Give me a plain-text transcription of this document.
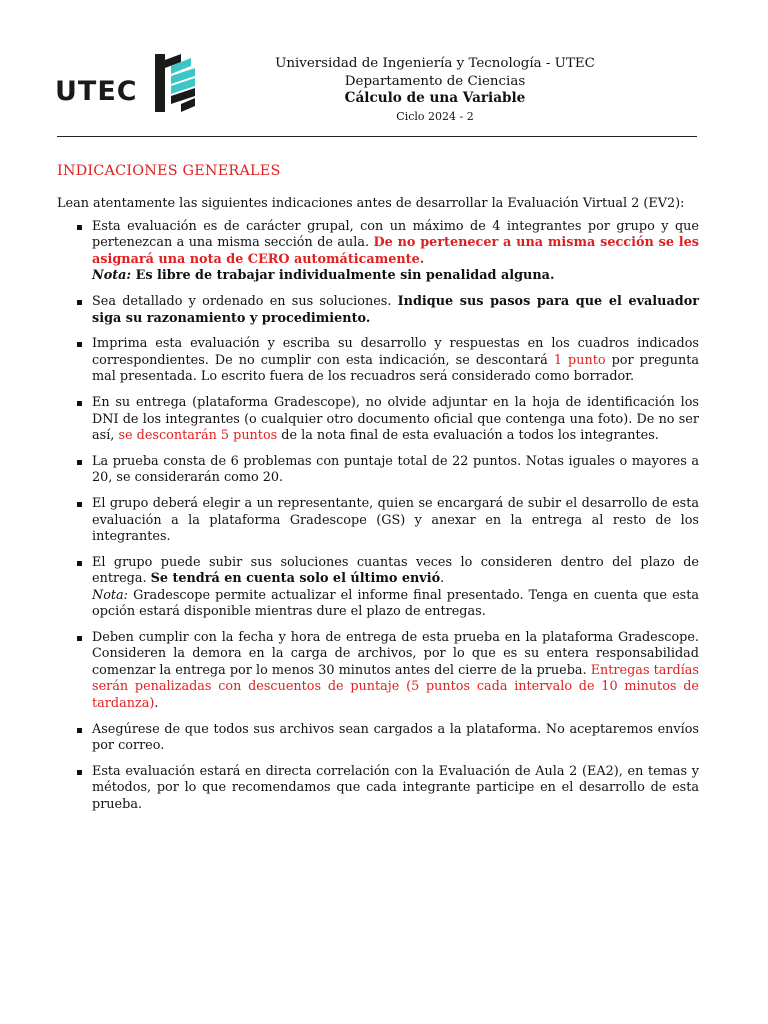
UTEC
Universidad de Ingeniería y Tecnología - UTEC
Departamento de Ciencias
Cálculo de una Variable
Ciclo 2024 - 2
INDICACIONES GENERALES
Lean atentamente las siguientes indicaciones antes de desarrollar la Evaluación Virtual 2 (EV2):
Esta evaluación es de carácter grupal, con un máximo de 4 integrantes por grupo y que pertenezcan a una misma sección de aula. De no pertenecer a una misma sección se les asignará una nota de CERO automáticamente.
Nota: Es libre de trabajar individualmente sin penalidad alguna.
Sea detallado y ordenado en sus soluciones. Indique sus pasos para que el evaluador siga su razonamiento y procedimiento.
Imprima esta evaluación y escriba su desarrollo y respuestas en los cuadros indicados correspondientes. De no cumplir con esta indicación, se descontará 1 punto por pregunta mal presentada. Lo escrito fuera de los recuadros será considerado como borrador.
En su entrega (plataforma Gradescope), no olvide adjuntar en la hoja de identificación los DNI de los integrantes (o cualquier otro documento oficial que contenga una foto). De no ser así, se descontarán 5 puntos de la nota final de esta evaluación a todos los integrantes.
La prueba consta de 6 problemas con puntaje total de 22 puntos. Notas iguales o mayores a 20, se considerarán como 20.
El grupo deberá elegir a un representante, quien se encargará de subir el desarrollo de esta evaluación a la plataforma Gradescope (GS) y anexar en la entrega al resto de los integrantes.
El grupo puede subir sus soluciones cuantas veces lo consideren dentro del plazo de entrega. Se tendrá en cuenta solo el último envió.
Nota: Gradescope permite actualizar el informe final presentado. Tenga en cuenta que esta opción estará disponible mientras dure el plazo de entregas.
Deben cumplir con la fecha y hora de entrega de esta prueba en la plataforma Gradescope. Consideren la demora en la carga de archivos, por lo que es su entera responsabilidad comenzar la entrega por lo menos 30 minutos antes del cierre de la prueba. Entregas tardías serán penalizadas con descuentos de puntaje (5 puntos cada intervalo de 10 minutos de tardanza).
Asegúrese de que todos sus archivos sean cargados a la plataforma. No aceptaremos envíos por correo.
Esta evaluación estará en directa correlación con la Evaluación de Aula 2 (EA2), en temas y métodos, por lo que recomendamos que cada integrante participe en el desarrollo de esta prueba.
